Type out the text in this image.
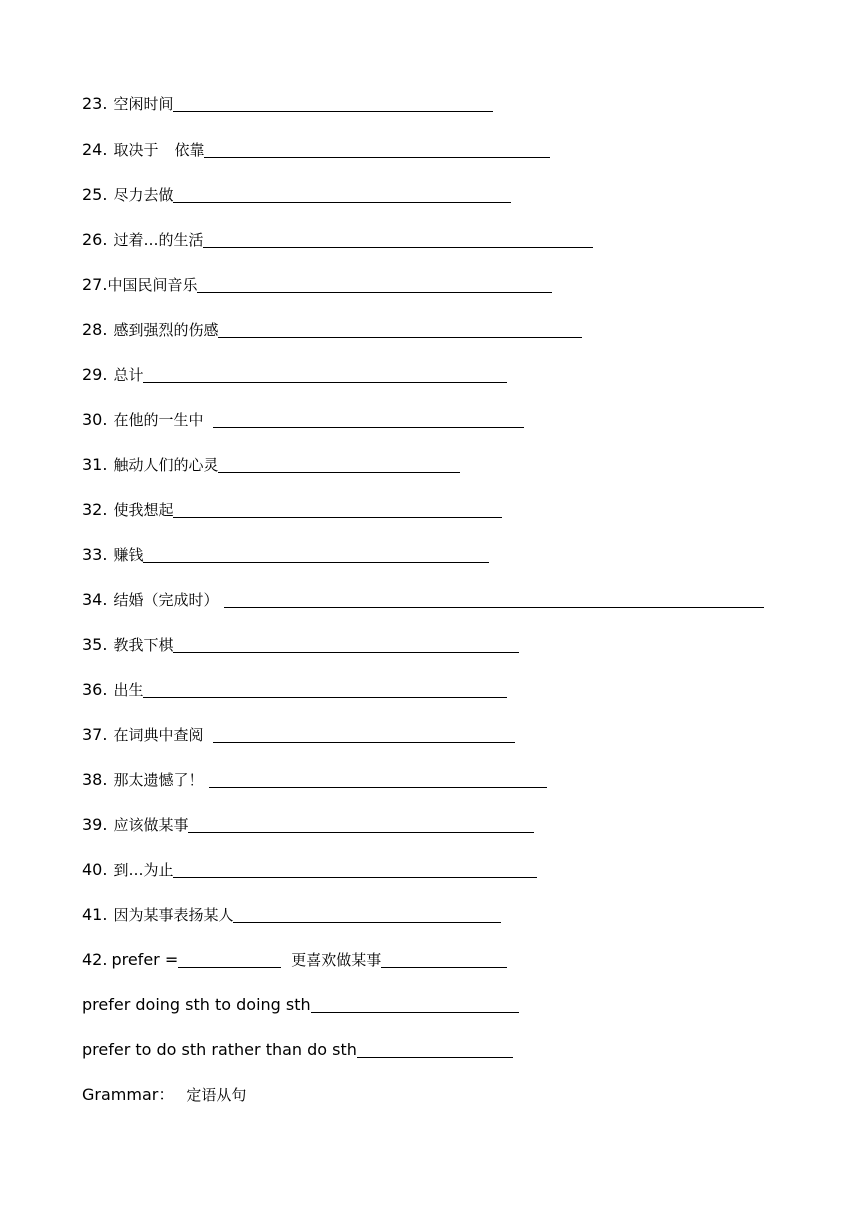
23. 空闲时间
24. 取决于 依靠
25. 尽力去做
26. 过着…的生活
27. 中国民间音乐
28. 感到强烈的伤感
29. 总计
30. 在他的一生中
31. 触动人们的心灵
32. 使我想起
33. 赚钱
34. 结婚（完成时）
35. 教我下棋
36. 出生
37. 在词典中查阅
38. 那太遗憾了！
39. 应该做某事
40. 到…为止
41. 因为某事表扬某人
42. prefer =	更喜欢做某事
prefer doing sth to doing sth
prefer to do sth rather than do sth
Grammar： 定语从句
